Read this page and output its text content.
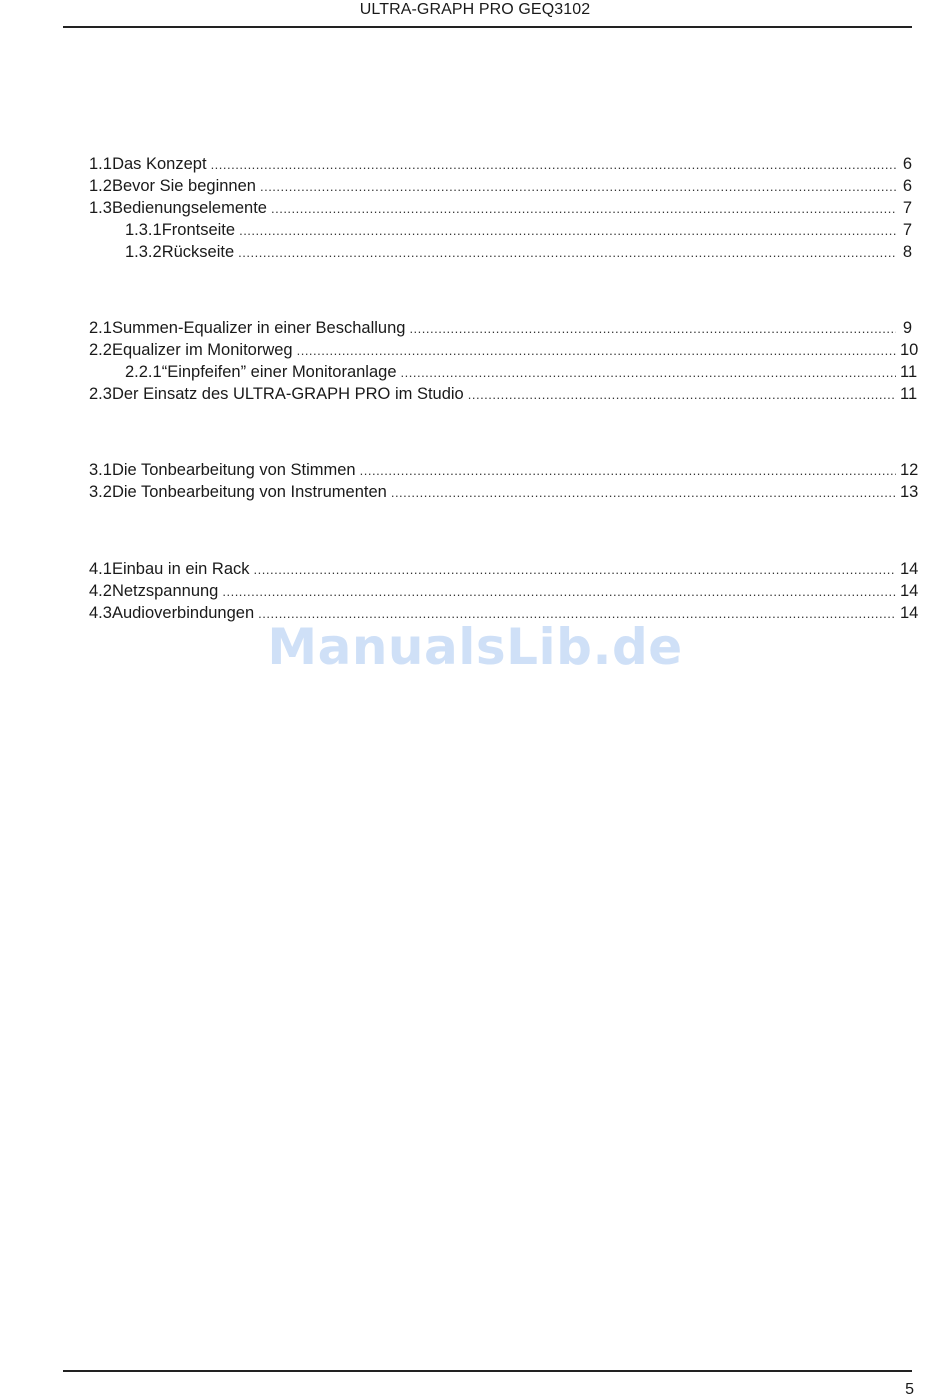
ULTRA-GRAPH PRO GEQ3102
1.1 Das Konzept .....	6
1.2 Bevor Sie beginnen .....	6
1.3 Bedienungselemente .....	7
1.3.1 Frontseite .....	7
1.3.2 Rückseite .....	8
2.1 Summen-Equalizer in einer Beschallung .....	9
2.2 Equalizer im Monitorweg .....	10
2.2.1 “Einpfeifen” einer Monitoranlage .....	11
2.3 Der Einsatz des ULTRA-GRAPH PRO im Studio .....	11
3.1 Die Tonbearbeitung von Stimmen .....	12
3.2 Die Tonbearbeitung von Instrumenten .....	13
4.1 Einbau in ein Rack .....	14
4.2 Netzspannung .....	14
4.3 Audioverbindungen .....	14
ManualsLib.de
5
